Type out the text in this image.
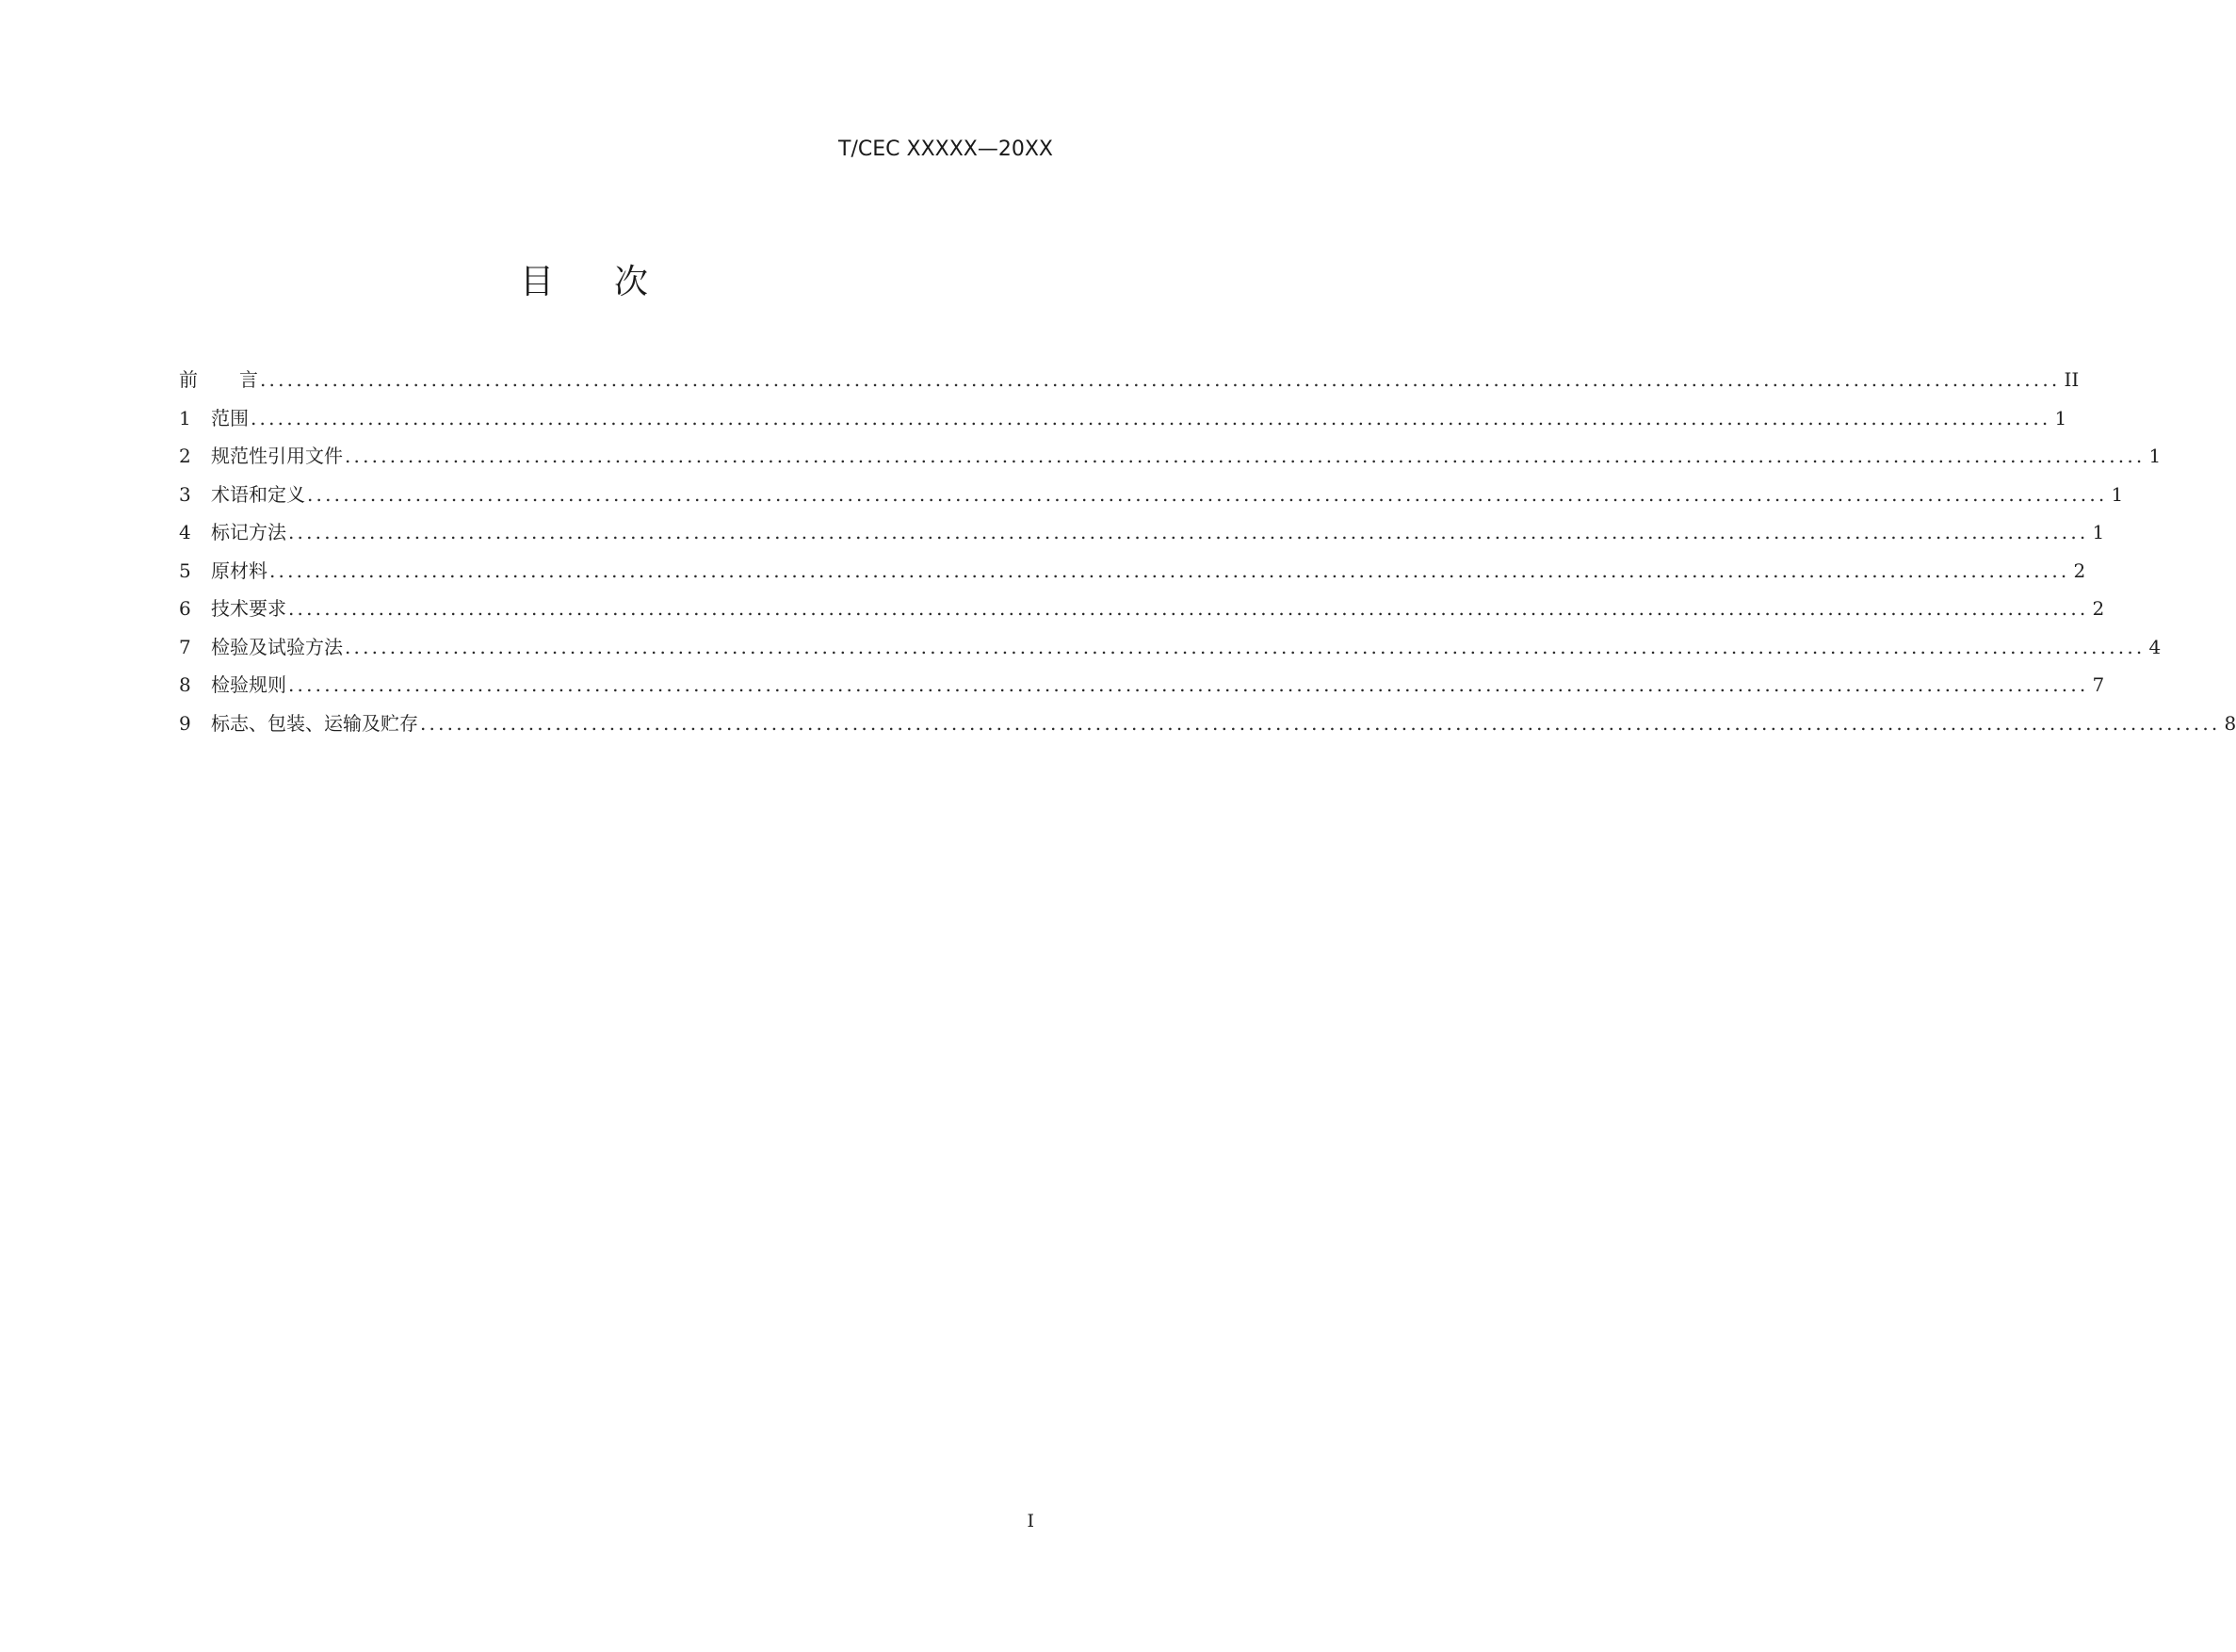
T/CEC XXXXX—20XX
目 次
前 言 ........................................................................................................................................................................................................ II
1	范围 ........................................................................................................................................................................................................ 1
2	规范性引用文件 ........................................................................................................................................................................................................ 1
3	术语和定义 ........................................................................................................................................................................................................ 1
4	标记方法 ........................................................................................................................................................................................................ 1
5	原材料 ........................................................................................................................................................................................................ 2
6	技术要求 ........................................................................................................................................................................................................ 2
7	检验及试验方法 ........................................................................................................................................................................................................ 4
8	检验规则 ........................................................................................................................................................................................................ 7
9	标志、包装、运输及贮存 ........................................................................................................................................................................................................ 8
I
